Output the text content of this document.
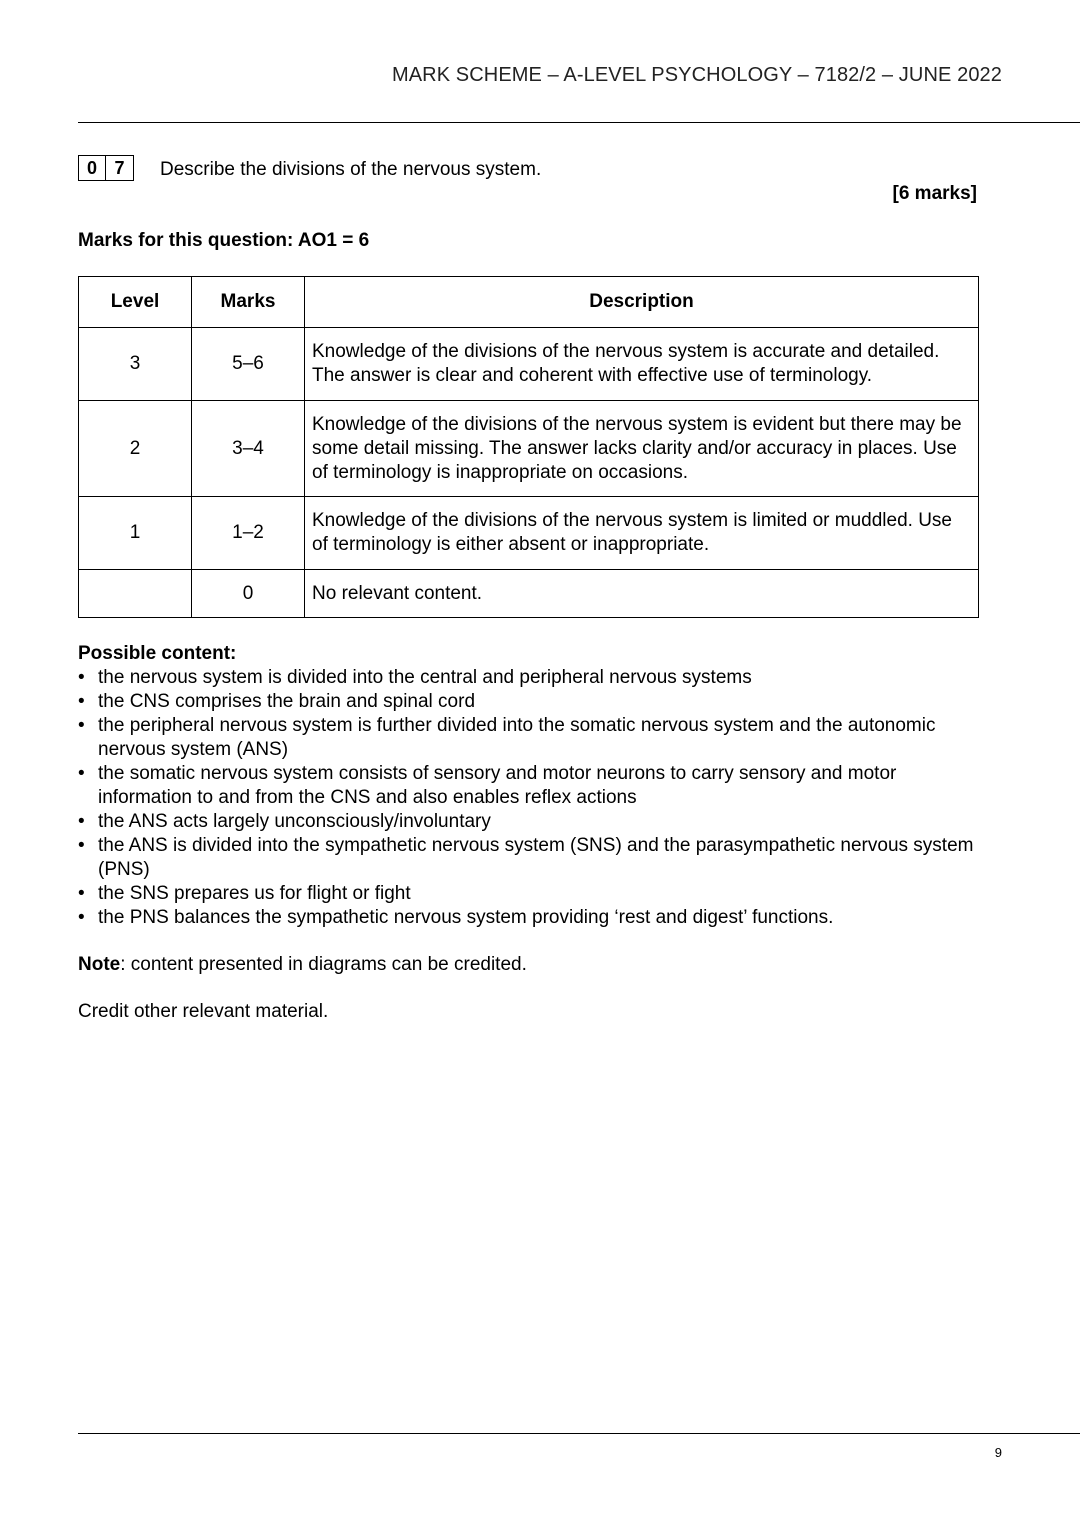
MARK SCHEME – A-LEVEL PSYCHOLOGY – 7182/2 – JUNE 2022
0 7	Describe the divisions of the nervous system.
[6 marks]
Marks for this question: AO1 = 6
Level	Marks	Description
3	5–6	Knowledge of the divisions of the nervous system is accurate and detailed. The answer is clear and coherent with effective use of terminology.
2	3–4	Knowledge of the divisions of the nervous system is evident but there may be some detail missing. The answer lacks clarity and/or accuracy in places. Use of terminology is inappropriate on occasions.
1	1–2	Knowledge of the divisions of the nervous system is limited or muddled. Use of terminology is either absent or inappropriate.
	0	No relevant content.
Possible content:
• the nervous system is divided into the central and peripheral nervous systems
• the CNS comprises the brain and spinal cord
• the peripheral nervous system is further divided into the somatic nervous system and the autonomic nervous system (ANS)
• the somatic nervous system consists of sensory and motor neurons to carry sensory and motor information to and from the CNS and also enables reflex actions
• the ANS acts largely unconsciously/involuntary
• the ANS is divided into the sympathetic nervous system (SNS) and the parasympathetic nervous system (PNS)
• the SNS prepares us for flight or fight
• the PNS balances the sympathetic nervous system providing ‘rest and digest’ functions.
Note: content presented in diagrams can be credited.
Credit other relevant material.
9
